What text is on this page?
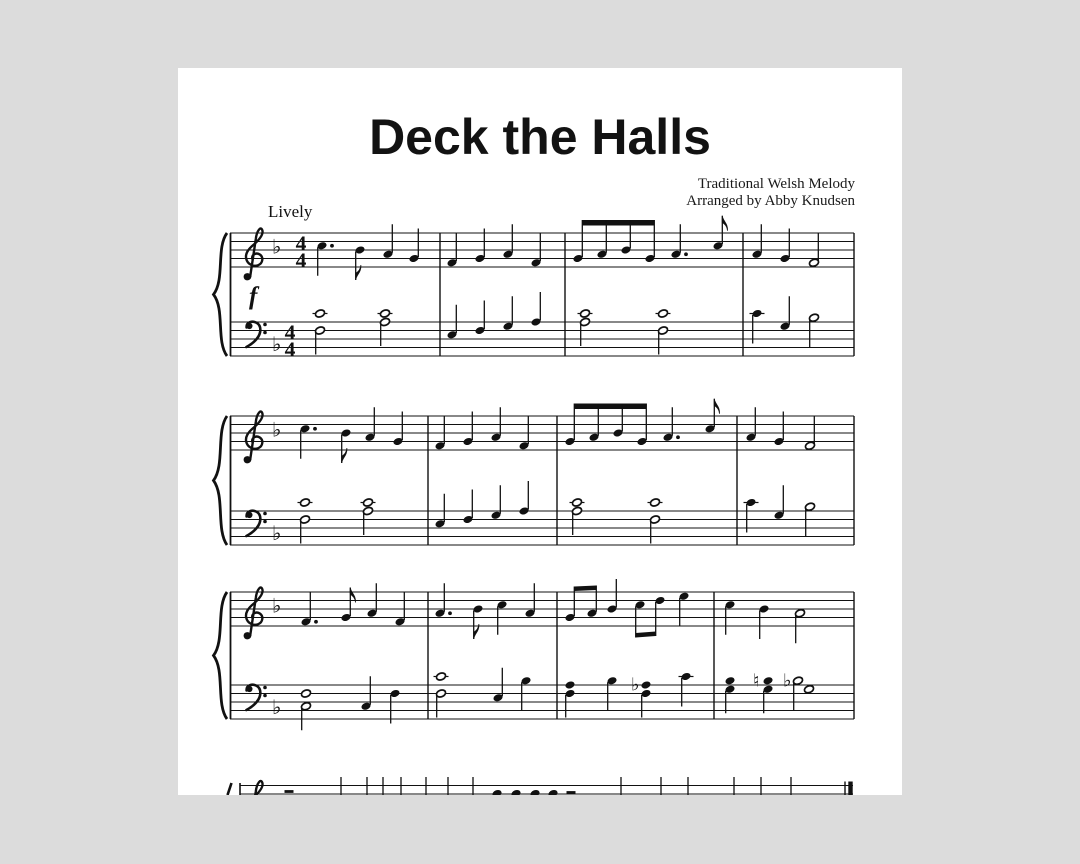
Deck the Halls
Traditional Welsh Melody
Arranged by Abby Knudsen
♭
♭
4
4
4
4
Lively
f
♭
♭
♭
♭
♭	♮ ♭
